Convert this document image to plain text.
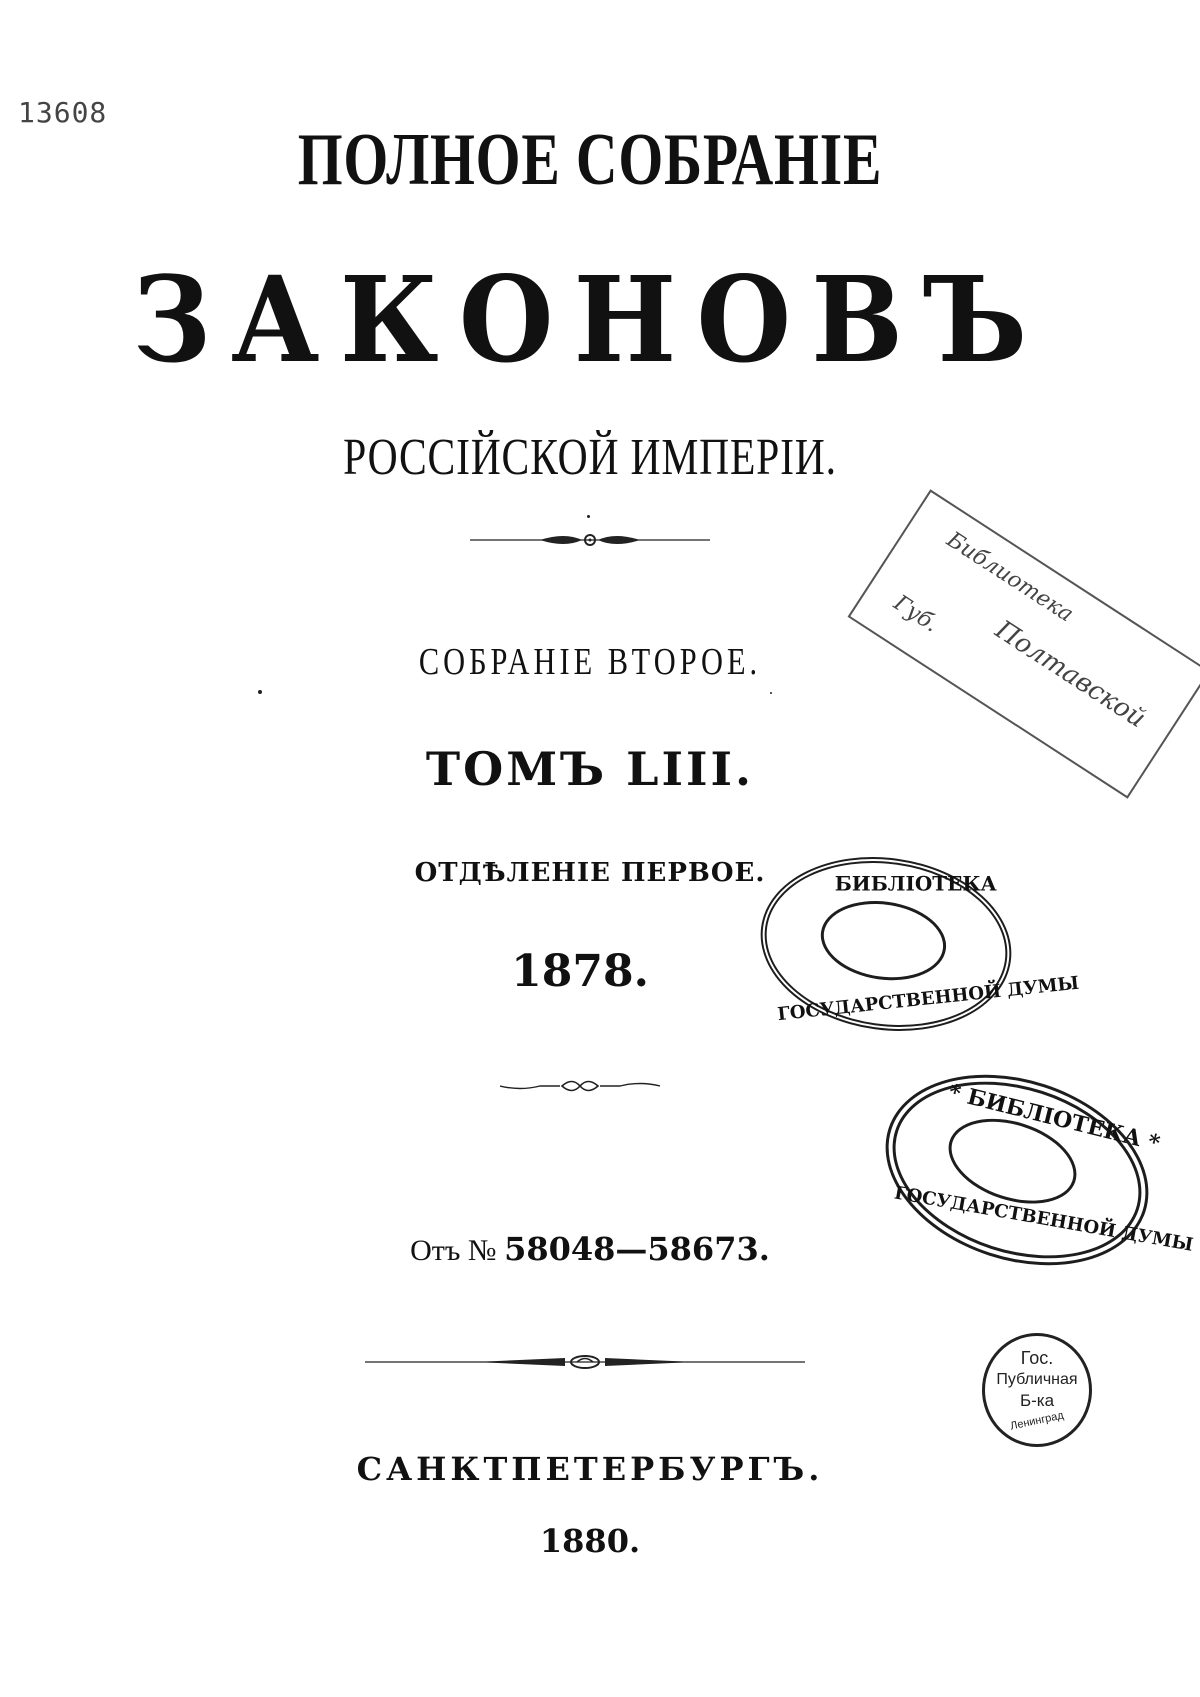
13608
ПОЛНОЕ СОБРАНIЕ
ЗАКОНОВЪ
РОССIЙСКОЙ ИМПЕРIИ.
СОБРАНIЕ ВТОРОЕ.
ТОМЪ LIII.
ОТДѢЛЕНIЕ ПЕРВОЕ.
1878.
Отъ № 58048—58673.
САНКТПЕТЕРБУРГЪ.
1880.
Библиотека
Полтавской
Губ.
БИБЛIОТЕКА
ГОСУДАРСТВЕННОЙ ДУМЫ
* БИБЛIОТЕКА *
ГОСУДАРСТВЕННОЙ ДУМЫ
Гос.
Публичная
Б-ка
Ленинград
